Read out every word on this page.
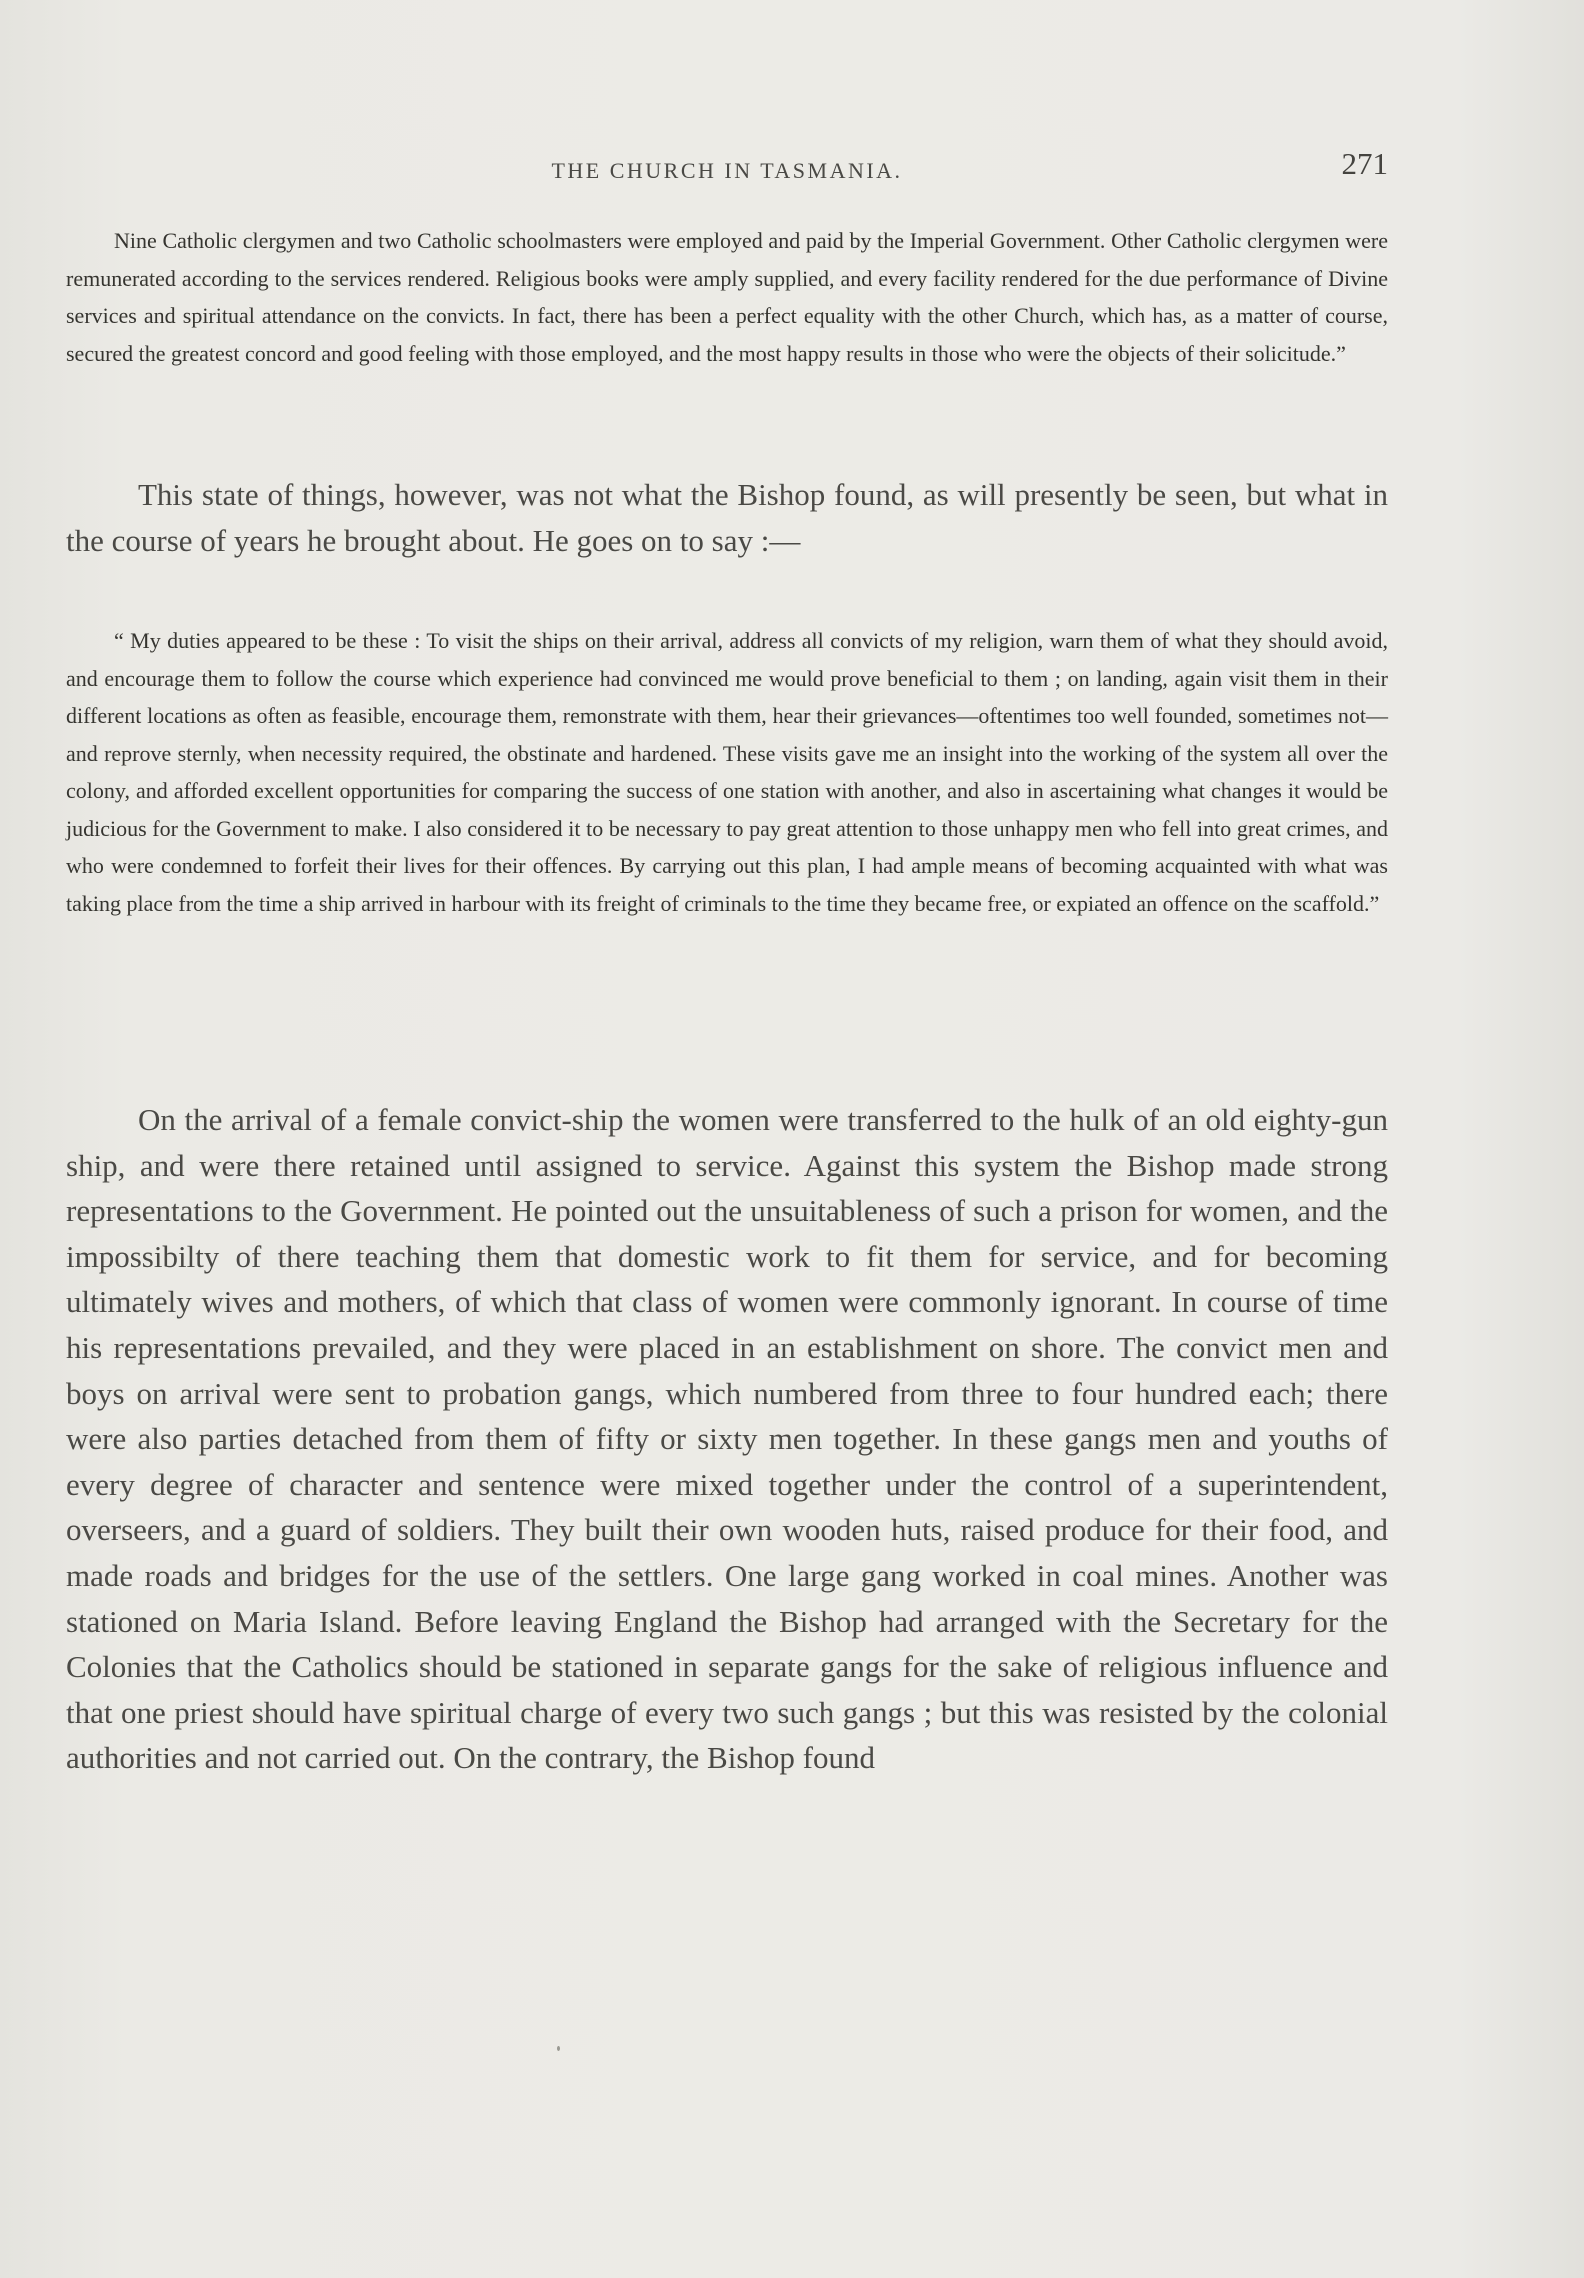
THE CHURCH IN TASMANIA.	271

Nine Catholic clergymen and two Catholic schoolmasters were employed and paid by the Imperial Government. Other Catholic clergymen were remunerated according to the services rendered. Religious books were amply supplied, and every facility rendered for the due performance of Divine services and spiritual attendance on the convicts. In fact, there has been a perfect equality with the other Church, which has, as a matter of course, secured the greatest concord and good feeling with those employed, and the most happy results in those who were the objects of their solicitude.”

This state of things, however, was not what the Bishop found, as will presently be seen, but what in the course of years he brought about. He goes on to say :—

“ My duties appeared to be these : To visit the ships on their arrival, address all convicts of my religion, warn them of what they should avoid, and encourage them to follow the course which experience had convinced me would prove beneficial to them ; on landing, again visit them in their different locations as often as feasible, encourage them, remonstrate with them, hear their grievances—oftentimes too well founded, sometimes not—and reprove sternly, when necessity required, the obstinate and hardened. These visits gave me an insight into the working of the system all over the colony, and afforded excellent opportunities for comparing the success of one station with another, and also in ascertaining what changes it would be judicious for the Government to make. I also considered it to be necessary to pay great attention to those unhappy men who fell into great crimes, and who were condemned to forfeit their lives for their offences. By carrying out this plan, I had ample means of becoming acquainted with what was taking place from the time a ship arrived in harbour with its freight of criminals to the time they became free, or expiated an offence on the scaffold.”

On the arrival of a female convict-ship the women were transferred to the hulk of an old eighty-gun ship, and were there retained until assigned to service. Against this system the Bishop made strong representations to the Government. He pointed out the unsuitableness of such a prison for women, and the impossibilty of there teaching them that domestic work to fit them for service, and for becoming ultimately wives and mothers, of which that class of women were commonly ignorant. In course of time his representations prevailed, and they were placed in an establishment on shore. The convict men and boys on arrival were sent to probation gangs, which numbered from three to four hundred each; there were also parties detached from them of fifty or sixty men together. In these gangs men and youths of every degree of character and sentence were mixed together under the control of a superintendent, overseers, and a guard of soldiers. They built their own wooden huts, raised produce for their food, and made roads and bridges for the use of the settlers. One large gang worked in coal mines. Another was stationed on Maria Island. Before leaving England the Bishop had arranged with the Secretary for the Colonies that the Catholics should be stationed in separate gangs for the sake of religious influence and that one priest should have spiritual charge of every two such gangs ; but this was resisted by the colonial authorities and not carried out. On the contrary, the Bishop found
